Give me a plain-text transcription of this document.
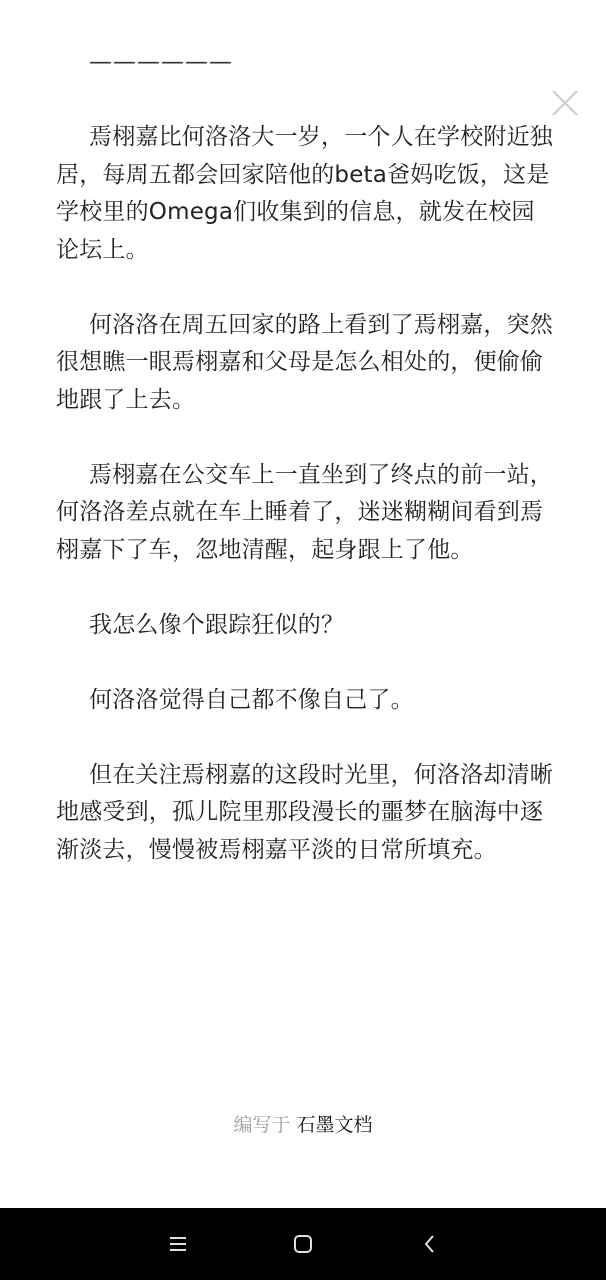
——————

焉栩嘉比何洛洛大一岁，一个人在学校附近独居，每周五都会回家陪他的beta爸妈吃饭，这是学校里的Omega们收集到的信息，就发在校园论坛上。

何洛洛在周五回家的路上看到了焉栩嘉，突然很想瞧一眼焉栩嘉和父母是怎么相处的，便偷偷地跟了上去。

焉栩嘉在公交车上一直坐到了终点的前一站，何洛洛差点就在车上睡着了，迷迷糊糊间看到焉栩嘉下了车，忽地清醒，起身跟上了他。

我怎么像个跟踪狂似的？

何洛洛觉得自己都不像自己了。

但在关注焉栩嘉的这段时光里，何洛洛却清晰地感受到，孤儿院里那段漫长的噩梦在脑海中逐渐淡去，慢慢被焉栩嘉平淡的日常所填充。

编写于 石墨文档
